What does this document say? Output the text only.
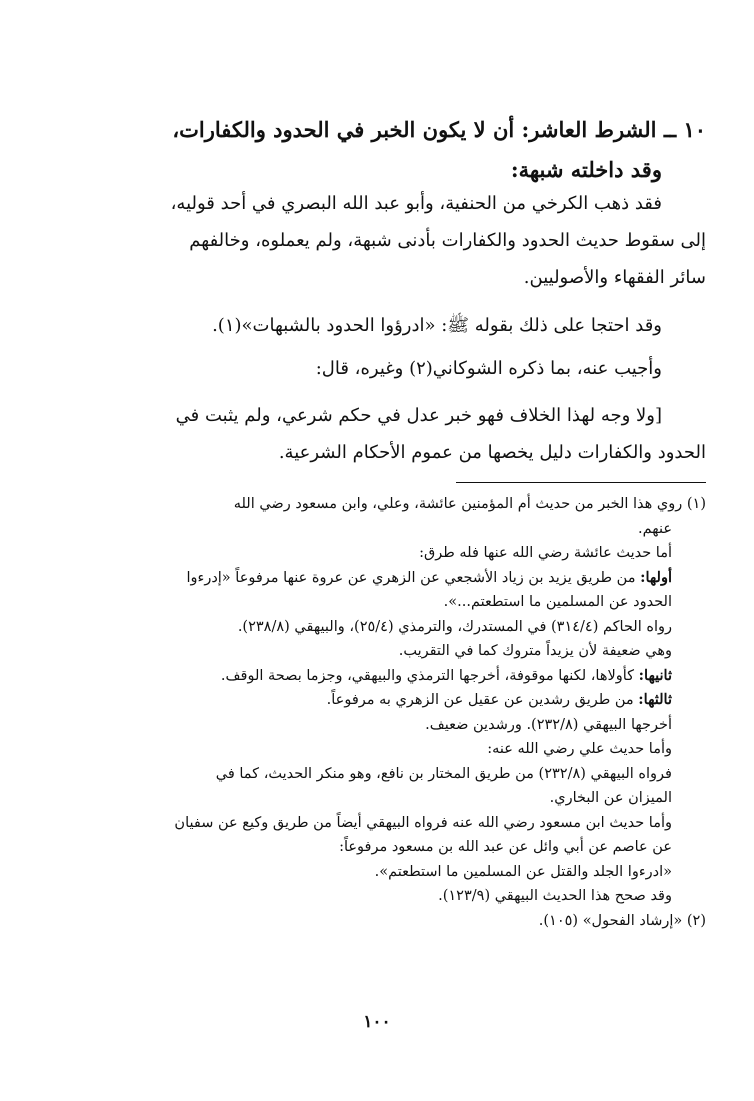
١٠ ــ الشرط العاشر: أن لا يكون الخبر في الحدود والكفارات،
وقد داخلته شبهة:
فقد ذهب الكرخي من الحنفية، وأبو عبد الله البصري في أحد قوليه،
إلى سقوط حديث الحدود والكفارات بأدنى شبهة، ولم يعملوه، وخالفهم
سائر الفقهاء والأصوليين.
وقد احتجا على ذلك بقوله ﷺ: «ادرؤوا الحدود بالشبهات»(١).
وأجيب عنه، بما ذكره الشوكاني(٢) وغيره، قال:
[ولا وجه لهذا الخلاف فهو خبر عدل في حكم شرعي، ولم يثبت في
الحدود والكفارات دليل يخصها من عموم الأحكام الشرعية.
(١) روي هذا الخبر من حديث أم المؤمنين عائشة، وعلي، وابن مسعود رضي الله
عنهم.
أما حديث عائشة رضي الله عنها فله طرق:
أولها: من طريق يزيد بن زياد الأشجعي عن الزهري عن عروة عنها مرفوعاً «إدرءوا
الحدود عن المسلمين ما استطعتم...».
رواه الحاكم (٣١٤/٤) في المستدرك، والترمذي (٢٥/٤)، والبيهقي (٢٣٨/٨).
وهي ضعيفة لأن يزيداً متروك كما في التقريب.
ثانيها: كأولاها، لكنها موقوفة، أخرجها الترمذي والبيهقي، وجزما بصحة الوقف.
ثالثها: من طريق رشدين عن عقيل عن الزهري به مرفوعاً.
أخرجها البيهقي (٢٣٢/٨). ورشدين ضعيف.
وأما حديث علي رضي الله عنه:
فرواه البيهقي (٢٣٢/٨) من طريق المختار بن نافع، وهو منكر الحديث، كما في
الميزان عن البخاري.
وأما حديث ابن مسعود رضي الله عنه فرواه البيهقي أيضاً من طريق وكيع عن سفيان
عن عاصم عن أبي وائل عن عبد الله بن مسعود مرفوعاً:
«ادرءوا الجلد والقتل عن المسلمين ما استطعتم».
وقد صحح هذا الحديث البيهقي (١٢٣/٩).
(٢) «إرشاد الفحول» (١٠٥).
١٠٠
